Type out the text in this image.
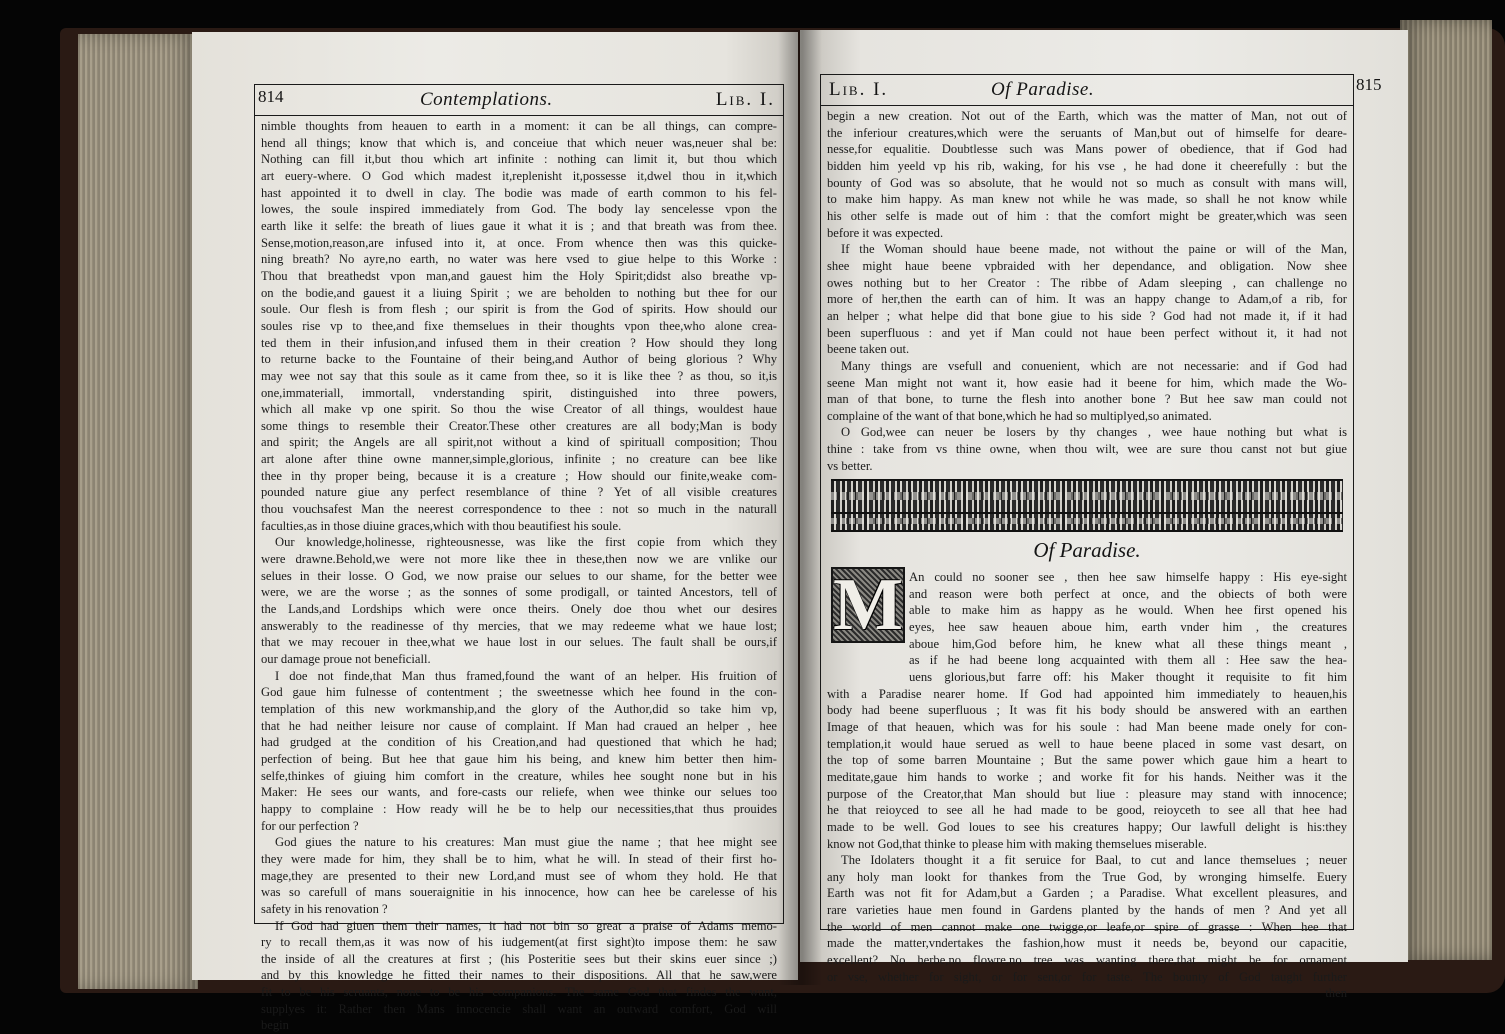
814	Contemplations.	Lib. I.
nimble thoughts from heauen to earth in a moment: it can be all things, can compre-
hend all things; know that which is, and conceiue that which neuer was,neuer shal be:
Nothing can fill it,but thou which art infinite : nothing can limit it, but thou which
art euery-where. O God which madest it,replenisht it,possesse it,dwel thou in it,which
hast appointed it to dwell in clay. The bodie was made of earth common to his fel-
lowes, the soule inspired immediately from God. The body lay sencelesse vpon the
earth like it selfe: the breath of liues gaue it what it is ; and that breath was from thee.
Sense,motion,reason,are infused into it, at once. From whence then was this quicke-
ning breath? No ayre,no earth, no water was here vsed to giue helpe to this Worke :
Thou that breathedst vpon man,and gauest him the Holy Spirit;didst also breathe vp-
on the bodie,and gauest it a liuing Spirit ; we are beholden to nothing but thee for our
soule. Our flesh is from flesh ; our spirit is from the God of spirits. How should our
soules rise vp to thee,and fixe themselues in their thoughts vpon thee,who alone crea-
ted them in their infusion,and infused them in their creation ? How should they long
to returne backe to the Fountaine of their being,and Author of being glorious ? Why
may wee not say that this soule as it came from thee, so it is like thee ? as thou, so it,is
one,immateriall, immortall, vnderstanding spirit, distinguished into three powers,
which all make vp one spirit. So thou the wise Creator of all things, wouldest haue
some things to resemble their Creator.These other creatures are all body;Man is body
and spirit; the Angels are all spirit,not without a kind of spirituall composition; Thou
art alone after thine owne manner,simple,glorious, infinite ; no creature can bee like
thee in thy proper being, because it is a creature ; How should our finite,weake com-
pounded nature giue any perfect resemblance of thine ? Yet of all visible creatures
thou vouchsafest Man the neerest correspondence to thee : not so much in the naturall
faculties,as in those diuine graces,which with thou beautifiest his soule.
Our knowledge,holinesse, righteousnesse, was like the first copie from which they
were drawne.Behold,we were not more like thee in these,then now we are vnlike our
selues in their losse. O God, we now praise our selues to our shame, for the better wee
were, we are the worse ; as the sonnes of some prodigall, or tainted Ancestors, tell of
the Lands,and Lordships which were once theirs. Onely doe thou whet our desires
answerably to the readinesse of thy mercies, that we may redeeme what we haue lost;
that we may recouer in thee,what we haue lost in our selues. The fault shall be ours,if
our damage proue not beneficiall.
I doe not finde,that Man thus framed,found the want of an helper. His fruition of
God gaue him fulnesse of contentment ; the sweetnesse which hee found in the con-
templation of this new workmanship,and the glory of the Author,did so take him vp,
that he had neither leisure nor cause of complaint. If Man had craued an helper , hee
had grudged at the condition of his Creation,and had questioned that which he had;
perfection of being. But hee that gaue him his being, and knew him better then him-
selfe,thinkes of giuing him comfort in the creature, whiles hee sought none but in his
Maker: He sees our wants, and fore-casts our reliefe, when wee thinke our selues too
happy to complaine : How ready will he be to help our necessities,that thus prouides
for our perfection ?
God giues the nature to his creatures: Man must giue the name ; that hee might see
they were made for him, they shall be to him, what he will. In stead of their first ho-
mage,they are presented to their new Lord,and must see of whom they hold. He that
was so carefull of mans soueraignitie in his innocence, how can hee be carelesse of his
safety in his renovation ?
If God had giuen them their names, it had not bin so great a praise of Adams memo-
ry to recall them,as it was now of his iudgement(at first sight)to impose them: he saw
the inside of all the creatures at first ; (his Posteritie sees but their skins euer since ;)
and by this knowledge he fitted their names to their dispositions. All that he saw,were
fit to be his seruants, none to be his companions. The same God that findes the want,
supplyes it: Rather then Mans innocencie shall want an outward comfort, God will
begin
Lib. I.	Of Paradise.
begin a new creation. Not out of the Earth, which was the matter of Man, not out of
the inferiour creatures,which were the seruants of Man,but out of himselfe for deare-
nesse,for equalitie. Doubtlesse such was Mans power of obedience, that if God had
bidden him yeeld vp his rib, waking, for his vse , he had done it cheerefully : but the
bounty of God was so absolute, that he would not so much as consult with mans will,
to make him happy. As man knew not while he was made, so shall he not know while
his other selfe is made out of him : that the comfort might be greater,which was seen
before it was expected.
If the Woman should haue beene made, not without the paine or will of the Man,
shee might haue beene vpbraided with her dependance, and obligation. Now shee
owes nothing but to her Creator : The ribbe of Adam sleeping , can challenge no
more of her,then the earth can of him. It was an happy change to Adam,of a rib, for
an helper ; what helpe did that bone giue to his side ? God had not made it, if it had
been superfluous : and yet if Man could not haue been perfect without it, it had not
beene taken out.
Many things are vsefull and conuenient, which are not necessarie: and if God had
seene Man might not want it, how easie had it beene for him, which made the Wo-
man of that bone, to turne the flesh into another bone ? But hee saw man could not
complaine of the want of that bone,which he had so multiplyed,so animated.
O God,wee can neuer be losers by thy changes , wee haue nothing but what is
thine : take from vs thine owne, when thou wilt, wee are sure thou canst not but giue
vs better.
Of Paradise.
M An could no sooner see , then hee saw himselfe happy : His eye-sight
and reason were both perfect at once, and the obiects of both were
able to make him as happy as he would. When hee first opened his
eyes, hee saw heauen aboue him, earth vnder him , the creatures
aboue him,God before him, he knew what all these things meant ,
as if he had beene long acquainted with them all : Hee saw the hea-
uens glorious,but farre off: his Maker thought it requisite to fit him
with a Paradise nearer home. If God had appointed him immediately to heauen,his
body had beene superfluous ; It was fit his body should be answered with an earthen
Image of that heauen, which was for his soule : had Man beene made onely for con-
templation,it would haue serued as well to haue beene placed in some vast desart, on
the top of some barren Mountaine ; But the same power which gaue him a heart to
meditate,gaue him hands to worke ; and worke fit for his hands. Neither was it the
purpose of the Creator,that Man should but liue : pleasure may stand with innocence;
he that reioyced to see all he had made to be good, reioyceth to see all that hee had
made to be well. God loues to see his creatures happy; Our lawfull delight is his:they
know not God,that thinke to please him with making themselues miserable.
The Idolaters thought it a fit seruice for Baal, to cut and lance themselues ; neuer
any holy man lookt for thankes from the True God, by wronging himselfe. Euery
Earth was not fit for Adam,but a Garden ; a Paradise. What excellent pleasures, and
rare varieties haue men found in Gardens planted by the hands of men ? And yet all
the world of men cannot make one twigge,or leafe,or spire of grasse : When hee that
made the matter,vndertakes the fashion,how must it needs be, beyond our capacitie,
excellent? No herbe,no flowre,no tree was wanting there,that might be for ornament
or vse, whether for sight, or for sent,or for taste. The bounty of God taught further
then
815
